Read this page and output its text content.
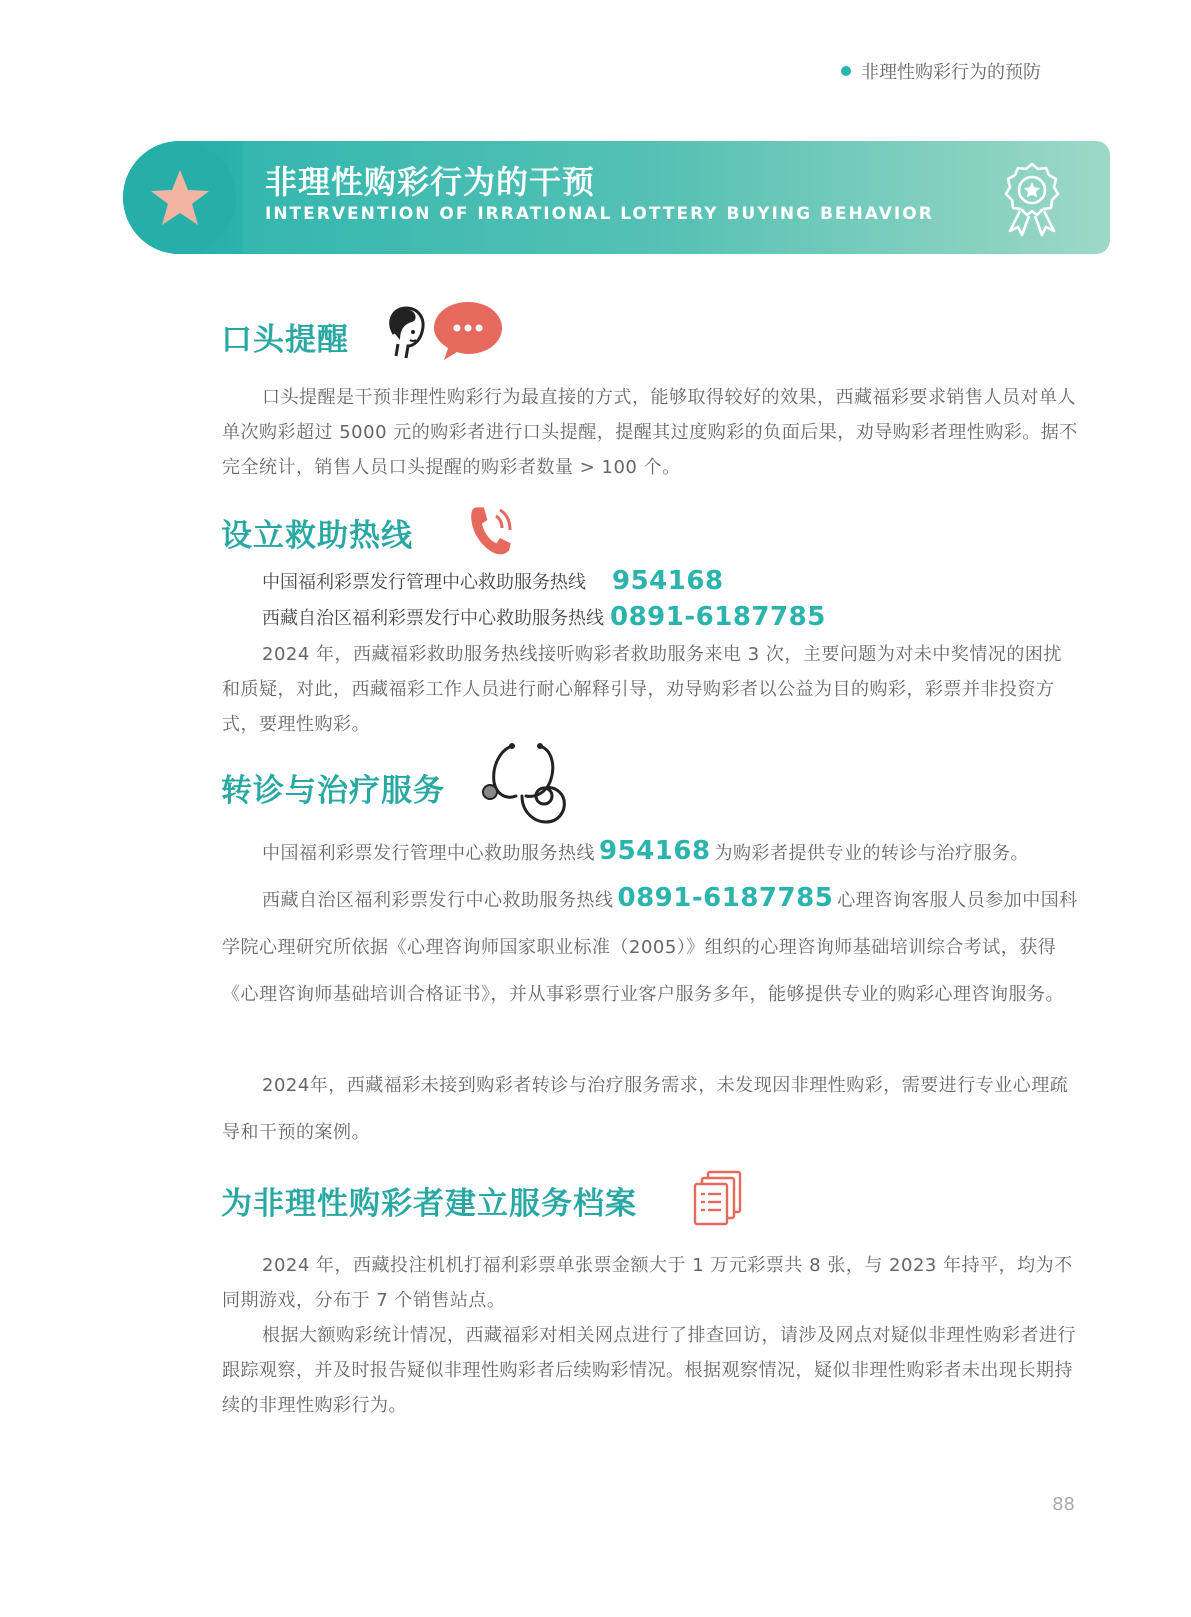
非理性购彩行为的预防
非理性购彩行为的干预
INTERVENTION OF IRRATIONAL LOTTERY BUYING BEHAVIOR
口头提醒

口头提醒是干预非理性购彩行为最直接的方式，能够取得较好的效果，西藏福彩要求销售人员对单人单次购彩超过 5000 元的购彩者进行口头提醒，提醒其过度购彩的负面后果，劝导购彩者理性购彩。据不完全统计，销售人员口头提醒的购彩者数量 > 100 个。

设立救助热线
中国福利彩票发行管理中心救助服务热线 954168
西藏自治区福利彩票发行中心救助服务热线 0891-6187785

2024 年，西藏福彩救助服务热线接听购彩者救助服务来电 3 次，主要问题为对未中奖情况的困扰和质疑，对此，西藏福彩工作人员进行耐心解释引导，劝导购彩者以公益为目的购彩，彩票并非投资方式，要理性购彩。

转诊与治疗服务

中国福利彩票发行管理中心救助服务热线 954168 为购彩者提供专业的转诊与治疗服务。

西藏自治区福利彩票发行中心救助服务热线 0891-6187785 心理咨询客服人员参加中国科学院心理研究所依据《心理咨询师国家职业标准（2005）》组织的心理咨询师基础培训综合考试，获得《心理咨询师基础培训合格证书》，并从事彩票行业客户服务多年，能够提供专业的购彩心理咨询服务。

2024年，西藏福彩未接到购彩者转诊与治疗服务需求，未发现因非理性购彩，需要进行专业心理疏导和干预的案例。

为非理性购彩者建立服务档案

2024 年，西藏投注机机打福利彩票单张票金额大于 1 万元彩票共 8 张，与 2023 年持平，均为不同期游戏，分布于 7 个销售站点。

根据大额购彩统计情况，西藏福彩对相关网点进行了排查回访，请涉及网点对疑似非理性购彩者进行跟踪观察，并及时报告疑似非理性购彩者后续购彩情况。根据观察情况，疑似非理性购彩者未出现长期持续的非理性购彩行为。

88
